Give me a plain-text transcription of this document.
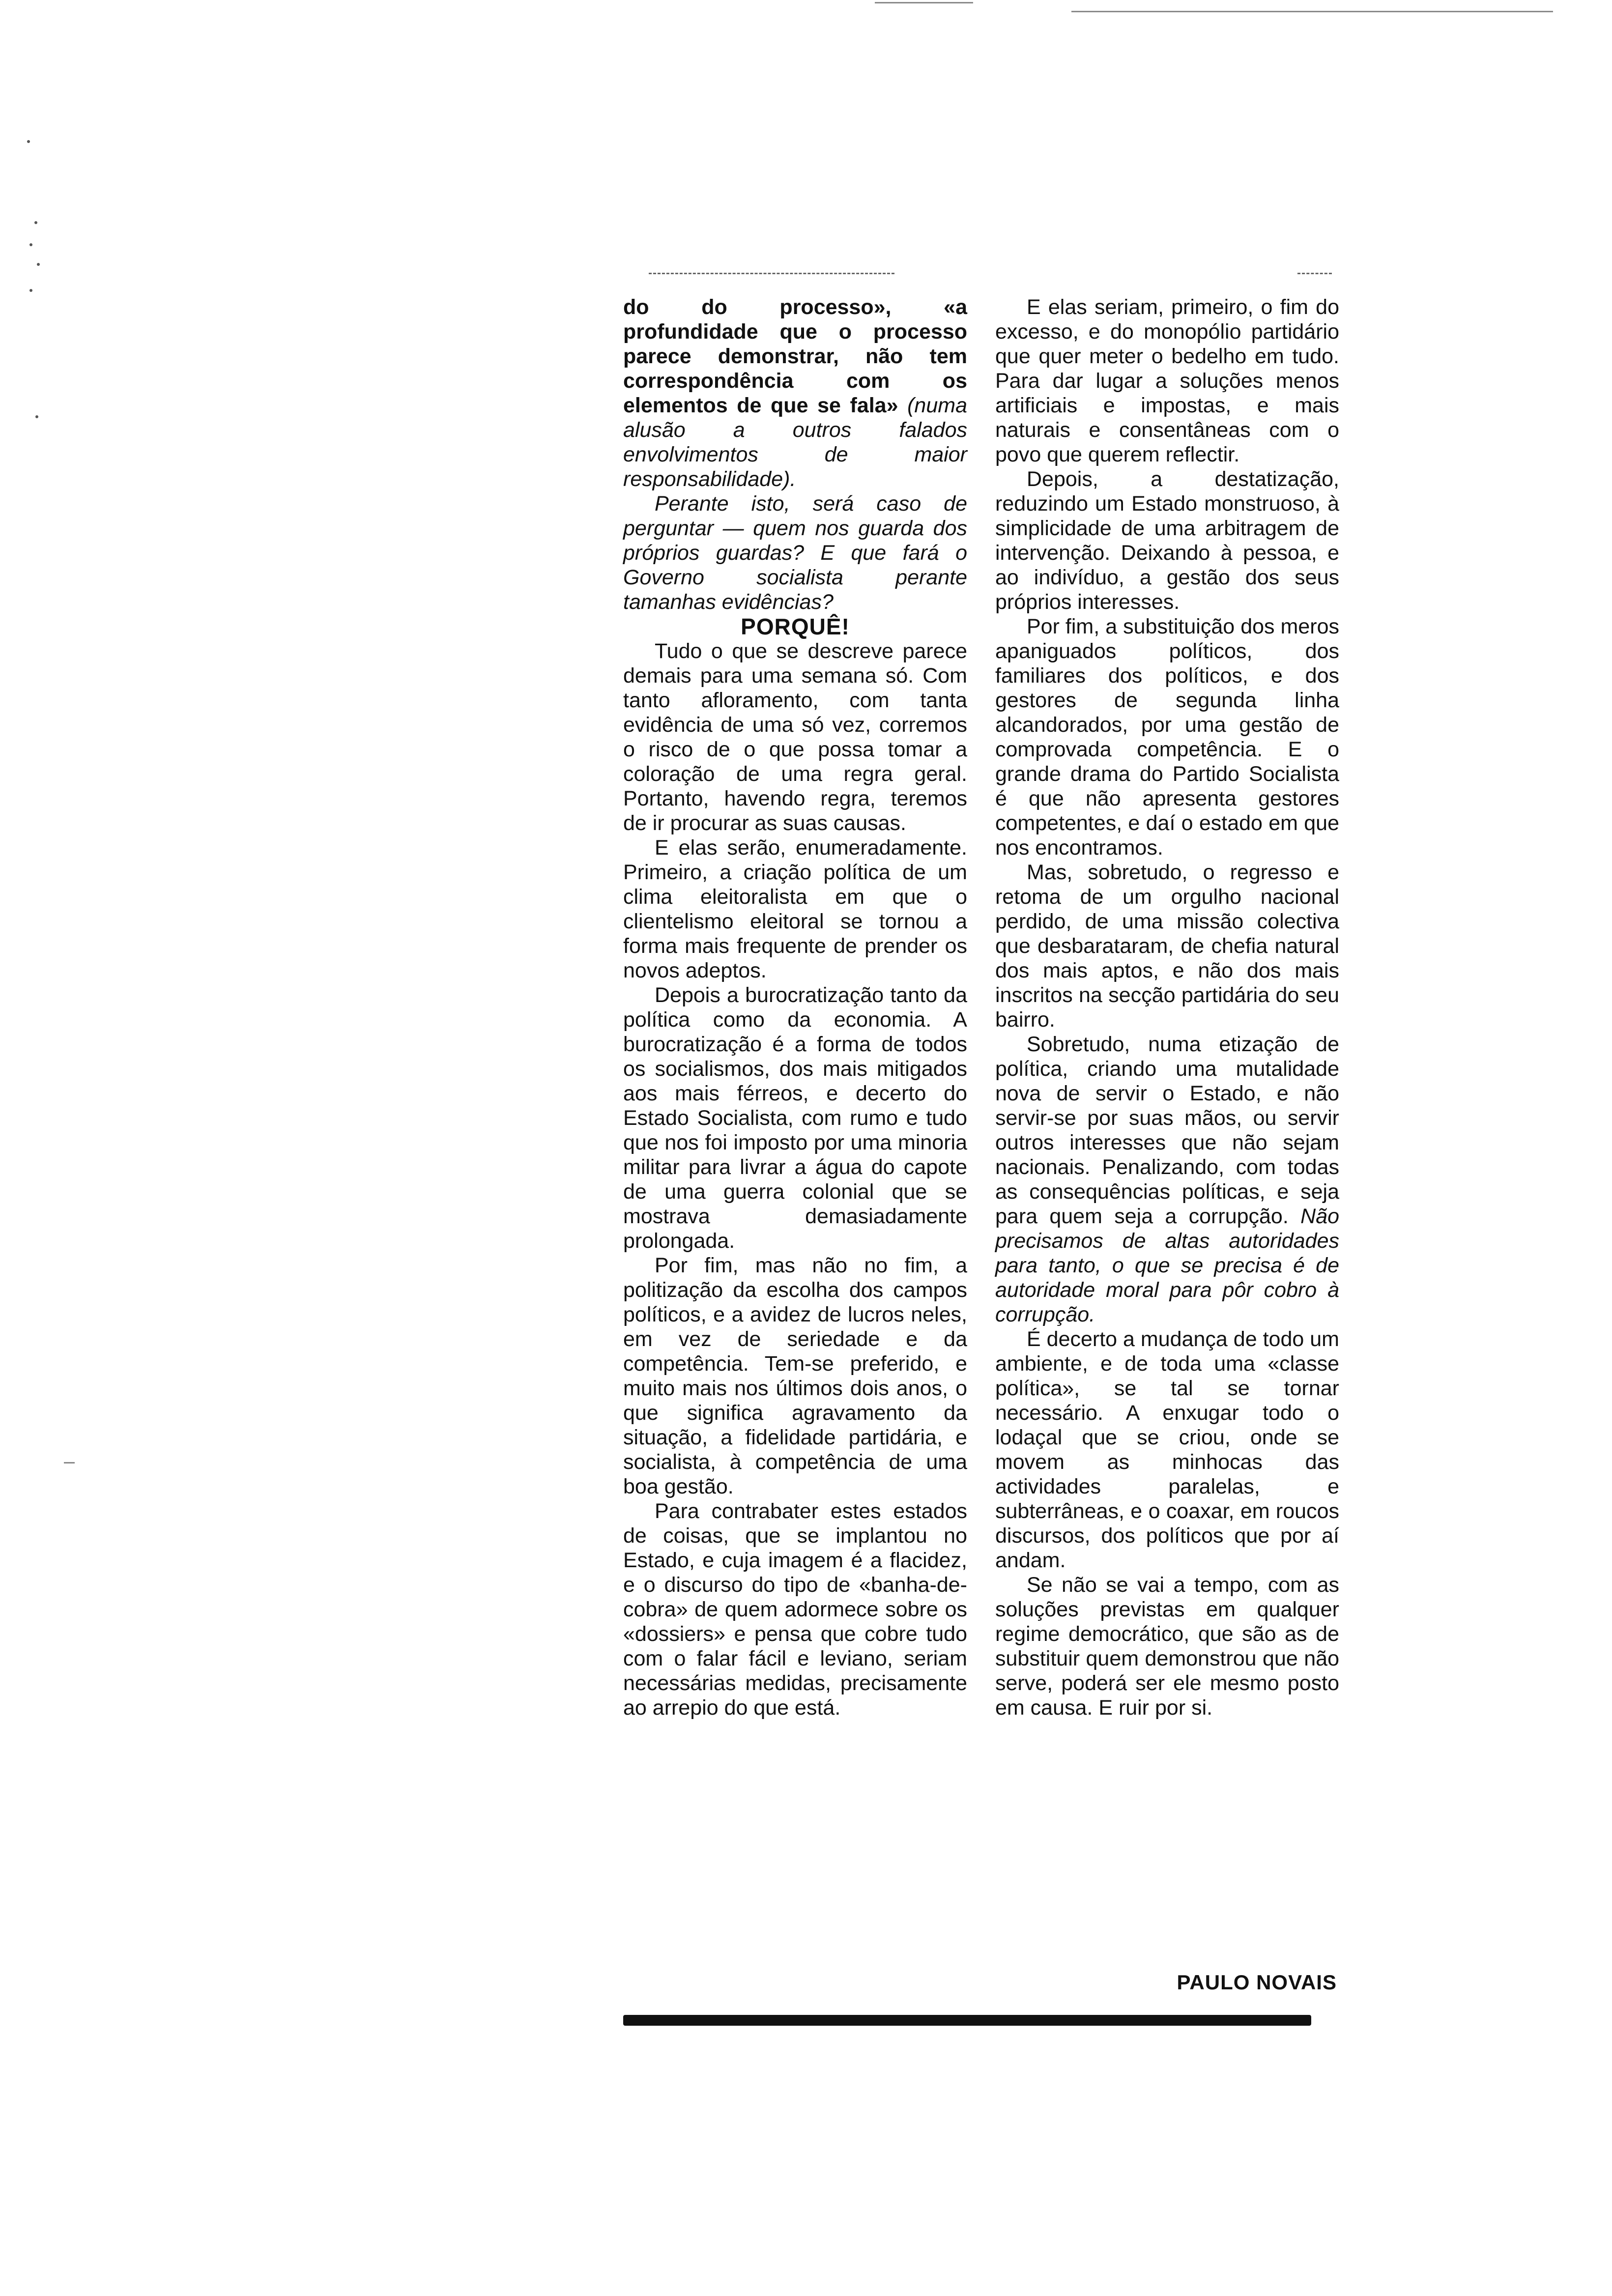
do do processo», «a profundidade que o processo parece demonstrar, não tem correspondência com os elementos de que se fala» (numa alusão a outros falados envolvimentos de maior responsabilidade).

Perante isto, será caso de perguntar — quem nos guarda dos próprios guardas? E que fará o Governo socialista perante tamanhas evidências?

PORQUÊ!

Tudo o que se descreve parece demais para uma semana só. Com tanto afloramento, com tanta evidência de uma só vez, corremos o risco de o que possa tomar a coloração de uma regra geral. Portanto, havendo regra, teremos de ir procurar as suas causas.

E elas serão, enumeradamente. Primeiro, a criação política de um clima eleitoralista em que o clientelismo eleitoral se tornou a forma mais frequente de prender os novos adeptos.

Depois a burocratização tanto da política como da economia. A burocratização é a forma de todos os socialismos, dos mais mitigados aos mais férreos, e decerto do Estado Socialista, com rumo e tudo que nos foi imposto por uma minoria militar para livrar a água do capote de uma guerra colonial que se mostrava demasiadamente prolongada.

Por fim, mas não no fim, a politização da escolha dos campos políticos, e a avidez de lucros neles, em vez de seriedade e da competência. Tem-se preferido, e muito mais nos últimos dois anos, o que significa agravamento da situação, a fidelidade partidária, e socialista, à competência de uma boa gestão.

Para contrabater estes estados de coisas, que se implantou no Estado, e cuja imagem é a flacidez, e o discurso do tipo de «banha-de-cobra» de quem adormece sobre os «dossiers» e pensa que cobre tudo com o falar fácil e leviano, seriam necessárias medidas, precisamente ao arrepio do que está.

E elas seriam, primeiro, o fim do excesso, e do monopólio partidário que quer meter o bedelho em tudo. Para dar lugar a soluções menos artificiais e impostas, e mais naturais e consentâneas com o povo que querem reflectir.

Depois, a destatização, reduzindo um Estado monstruoso, à simplicidade de uma arbitragem de intervenção. Deixando à pessoa, e ao indivíduo, a gestão dos seus próprios interesses.

Por fim, a substituição dos meros apaniguados políticos, dos familiares dos políticos, e dos gestores de segunda linha alcandorados, por uma gestão de comprovada competência. E o grande drama do Partido Socialista é que não apresenta gestores competentes, e daí o estado em que nos encontramos.

Mas, sobretudo, o regresso e retoma de um orgulho nacional perdido, de uma missão colectiva que desbarataram, de chefia natural dos mais aptos, e não dos mais inscritos na secção partidária do seu bairro.

Sobretudo, numa etização de política, criando uma mutalidade nova de servir o Estado, e não servir-se por suas mãos, ou servir outros interesses que não sejam nacionais. Penalizando, com todas as consequências políticas, e seja para quem seja a corrupção. Não precisamos de altas autoridades para tanto, o que se precisa é de autoridade moral para pôr cobro à corrupção.

É decerto a mudança de todo um ambiente, e de toda uma «classe política», se tal se tornar necessário. A enxugar todo o lodaçal que se criou, onde se movem as minhocas das actividades paralelas, e subterrâneas, e o coaxar, em roucos discursos, dos políticos que por aí andam.

Se não se vai a tempo, com as soluções previstas em qualquer regime democrático, que são as de substituir quem demonstrou que não serve, poderá ser ele mesmo posto em causa. E ruir por si.

PAULO NOVAIS
